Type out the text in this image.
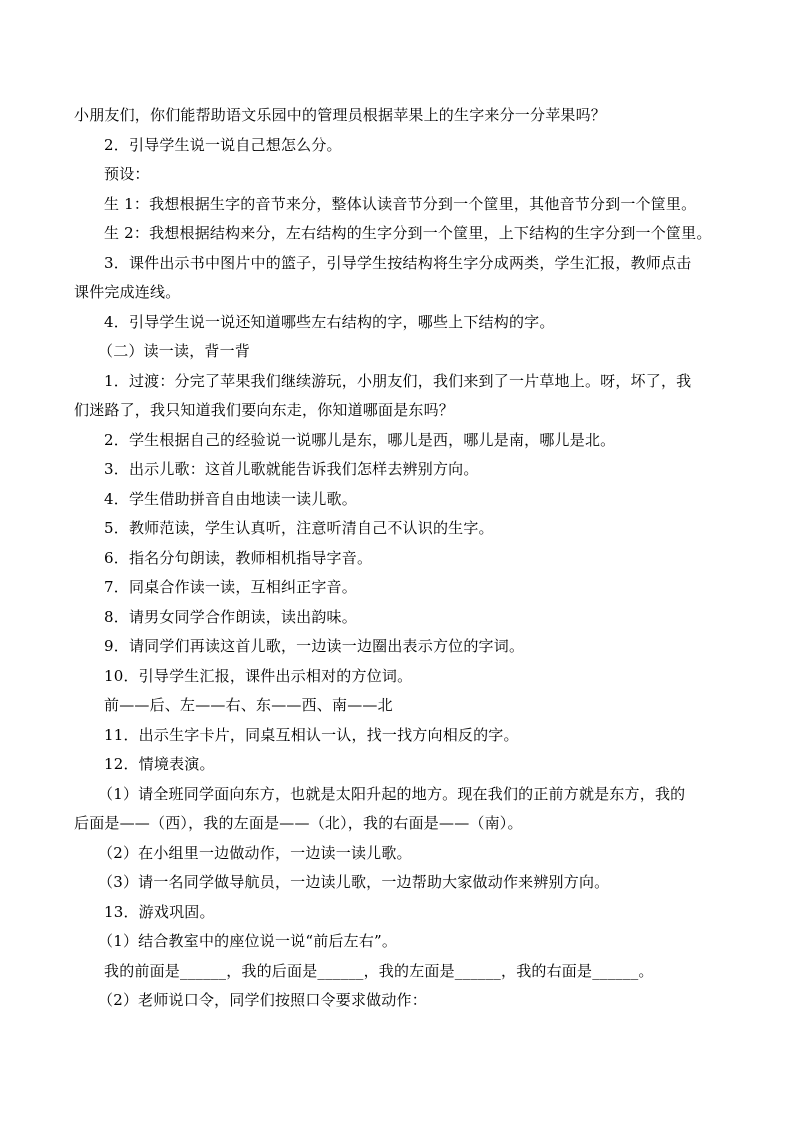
小朋友们，你们能帮助语文乐园中的管理员根据苹果上的生字来分一分苹果吗？
2．引导学生说一说自己想怎么分。
预设：
生 1：我想根据生字的音节来分，整体认读音节分到一个筐里，其他音节分到一个筐里。
生 2：我想根据结构来分，左右结构的生字分到一个筐里，上下结构的生字分到一个筐里。
3．课件出示书中图片中的篮子，引导学生按结构将生字分成两类，学生汇报，教师点击
课件完成连线。
4．引导学生说一说还知道哪些左右结构的字，哪些上下结构的字。
（二）读一读，背一背
1．过渡：分完了苹果我们继续游玩，小朋友们，我们来到了一片草地上。呀，坏了，我
们迷路了，我只知道我们要向东走，你知道哪面是东吗？
2．学生根据自己的经验说一说哪儿是东，哪儿是西，哪儿是南，哪儿是北。
3．出示儿歌：这首儿歌就能告诉我们怎样去辨别方向。
4．学生借助拼音自由地读一读儿歌。
5．教师范读，学生认真听，注意听清自己不认识的生字。
6．指名分句朗读，教师相机指导字音。
7．同桌合作读一读，互相纠正字音。
8．请男女同学合作朗读，读出韵味。
9．请同学们再读这首儿歌，一边读一边圈出表示方位的字词。
10．引导学生汇报，课件出示相对的方位词。
前——后、左——右、东——西、南——北
11．出示生字卡片，同桌互相认一认，找一找方向相反的字。
12．情境表演。
（1）请全班同学面向东方，也就是太阳升起的地方。现在我们的正前方就是东方，我的
后面是——（西），我的左面是——（北），我的右面是——（南）。
（2）在小组里一边做动作，一边读一读儿歌。
（3）请一名同学做导航员，一边读儿歌，一边帮助大家做动作来辨别方向。
13．游戏巩固。
（1）结合教室中的座位说一说“前后左右”。
我的前面是______，我的后面是______，我的左面是______，我的右面是______。
（2）老师说口令，同学们按照口令要求做动作：
